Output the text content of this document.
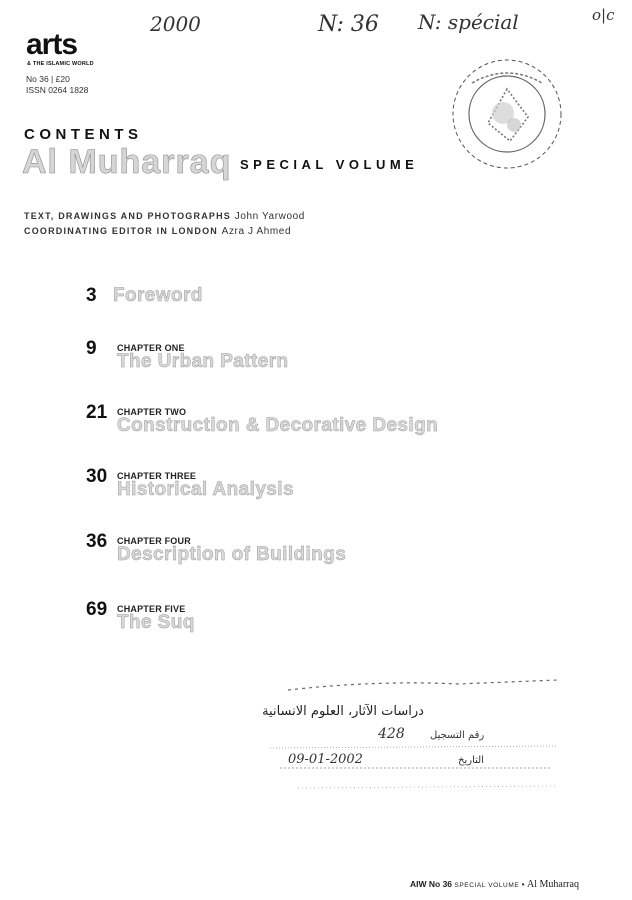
2000	N: 36 N: spécial	o|c
arts
& THE ISLAMIC WORLD
No 36 | £20
ISSN 0264 1828
CONTENTS
Al Muharraq SPECIAL VOLUME
TEXT, DRAWINGS AND PHOTOGRAPHS John Yarwood
COORDINATING EDITOR IN LONDON Azra J Ahmed
3 Foreword
9 CHAPTER ONE
The Urban Pattern
21 CHAPTER TWO
Construction & Decorative Design
30 CHAPTER THREE
Historical Analysis
36 CHAPTER FOUR
Description of Buildings
69 CHAPTER FIVE
The Suq
دراسات الآثار، العلوم الانسانية
428	رقم التسجيل
09-01-2002	التاريخ
AIW No 36 SPECIAL VOLUME • Al Muharraq
